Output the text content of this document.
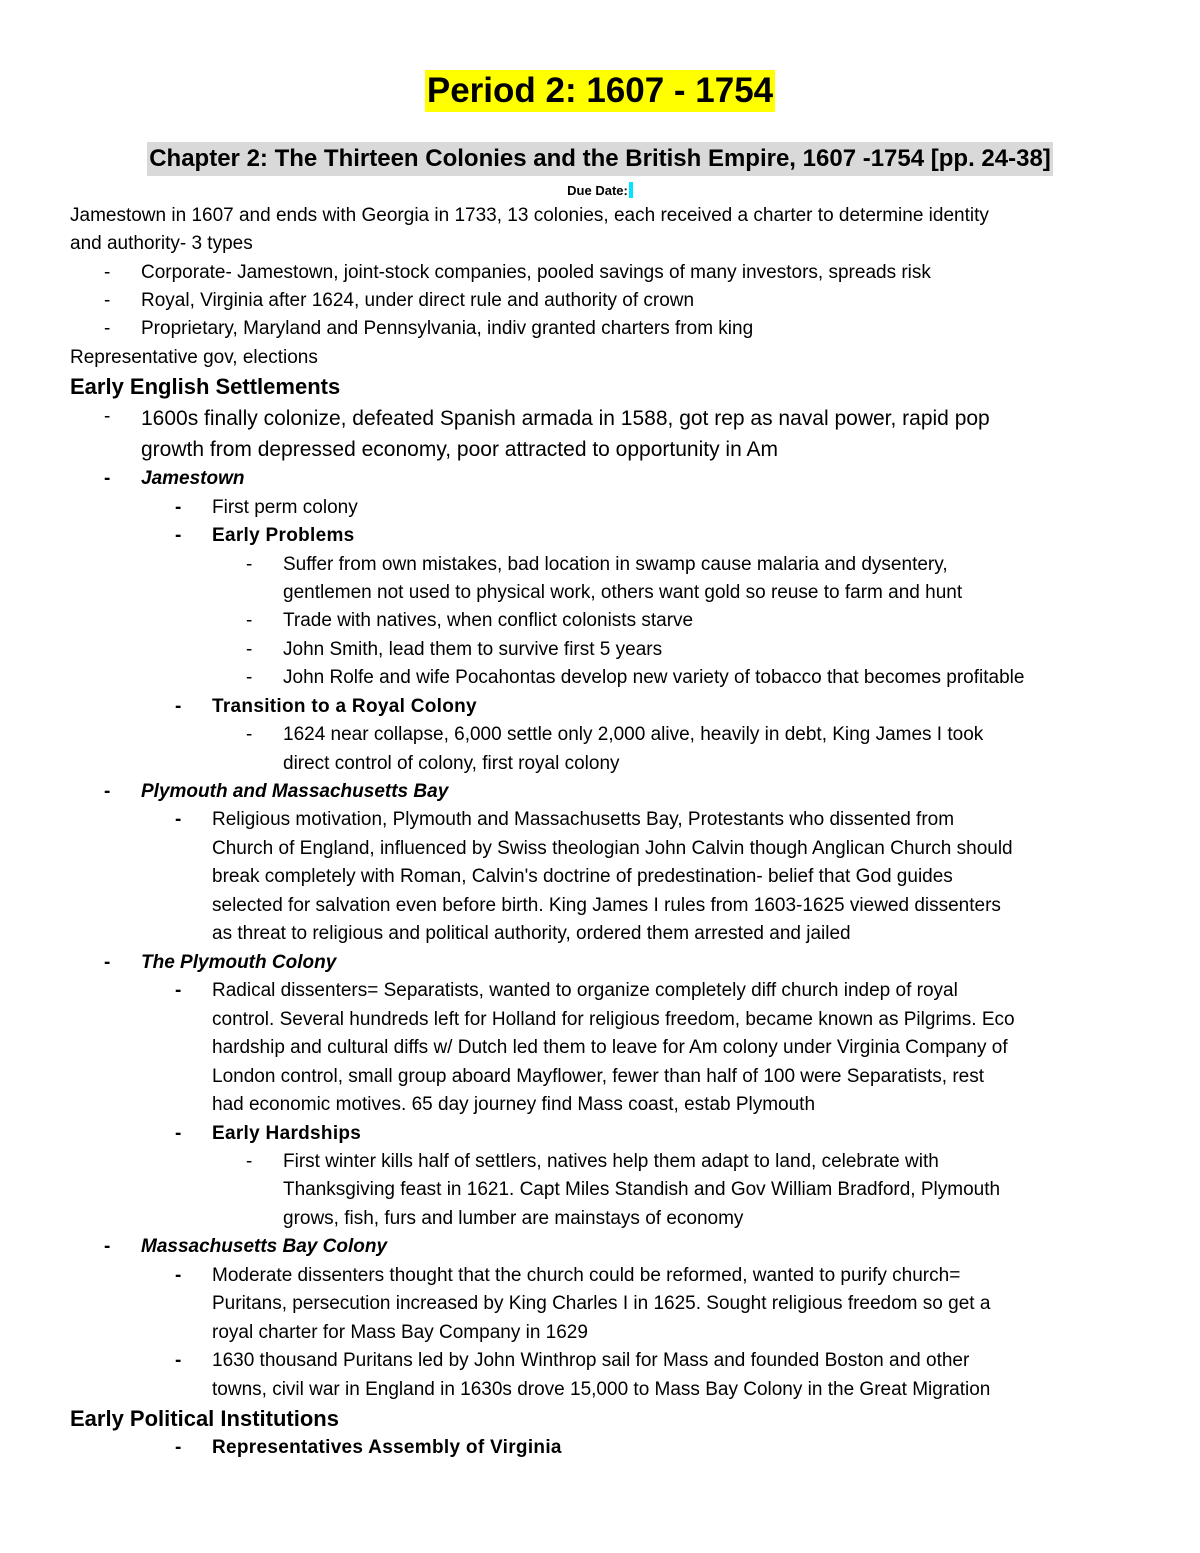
Period 2: 1607 - 1754
Chapter 2: The Thirteen Colonies and the British Empire, 1607 -1754 [pp. 24-38]
Due Date:
Jamestown in 1607 and ends with Georgia in 1733, 13 colonies, each received a charter to determine identity
and authority- 3 types
- Corporate- Jamestown, joint-stock companies, pooled savings of many investors, spreads risk
- Royal, Virginia after 1624, under direct rule and authority of crown
- Proprietary, Maryland and Pennsylvania, indiv granted charters from king
Representative gov, elections
Early English Settlements
- 1600s finally colonize, defeated Spanish armada in 1588, got rep as naval power, rapid pop
growth from depressed economy, poor attracted to opportunity in Am
- Jamestown
- First perm colony
- Early Problems
- Suffer from own mistakes, bad location in swamp cause malaria and dysentery,
gentlemen not used to physical work, others want gold so reuse to farm and hunt
- Trade with natives, when conflict colonists starve
- John Smith, lead them to survive first 5 years
- John Rolfe and wife Pocahontas develop new variety of tobacco that becomes profitable
- Transition to a Royal Colony
- 1624 near collapse, 6,000 settle only 2,000 alive, heavily in debt, King James I took
direct control of colony, first royal colony
- Plymouth and Massachusetts Bay
- Religious motivation, Plymouth and Massachusetts Bay, Protestants who dissented from
Church of England, influenced by Swiss theologian John Calvin though Anglican Church should
break completely with Roman, Calvin's doctrine of predestination- belief that God guides
selected for salvation even before birth. King James I rules from 1603-1625 viewed dissenters
as threat to religious and political authority, ordered them arrested and jailed
- The Plymouth Colony
- Radical dissenters= Separatists, wanted to organize completely diff church indep of royal
control. Several hundreds left for Holland for religious freedom, became known as Pilgrims. Eco
hardship and cultural diffs w/ Dutch led them to leave for Am colony under Virginia Company of
London control, small group aboard Mayflower, fewer than half of 100 were Separatists, rest
had economic motives. 65 day journey find Mass coast, estab Plymouth
- Early Hardships
- First winter kills half of settlers, natives help them adapt to land, celebrate with
Thanksgiving feast in 1621. Capt Miles Standish and Gov William Bradford, Plymouth
grows, fish, furs and lumber are mainstays of economy
- Massachusetts Bay Colony
- Moderate dissenters thought that the church could be reformed, wanted to purify church=
Puritans, persecution increased by King Charles I in 1625. Sought religious freedom so get a
royal charter for Mass Bay Company in 1629
- 1630 thousand Puritans led by John Winthrop sail for Mass and founded Boston and other
towns, civil war in England in 1630s drove 15,000 to Mass Bay Colony in the Great Migration
Early Political Institutions
- Representatives Assembly of Virginia
